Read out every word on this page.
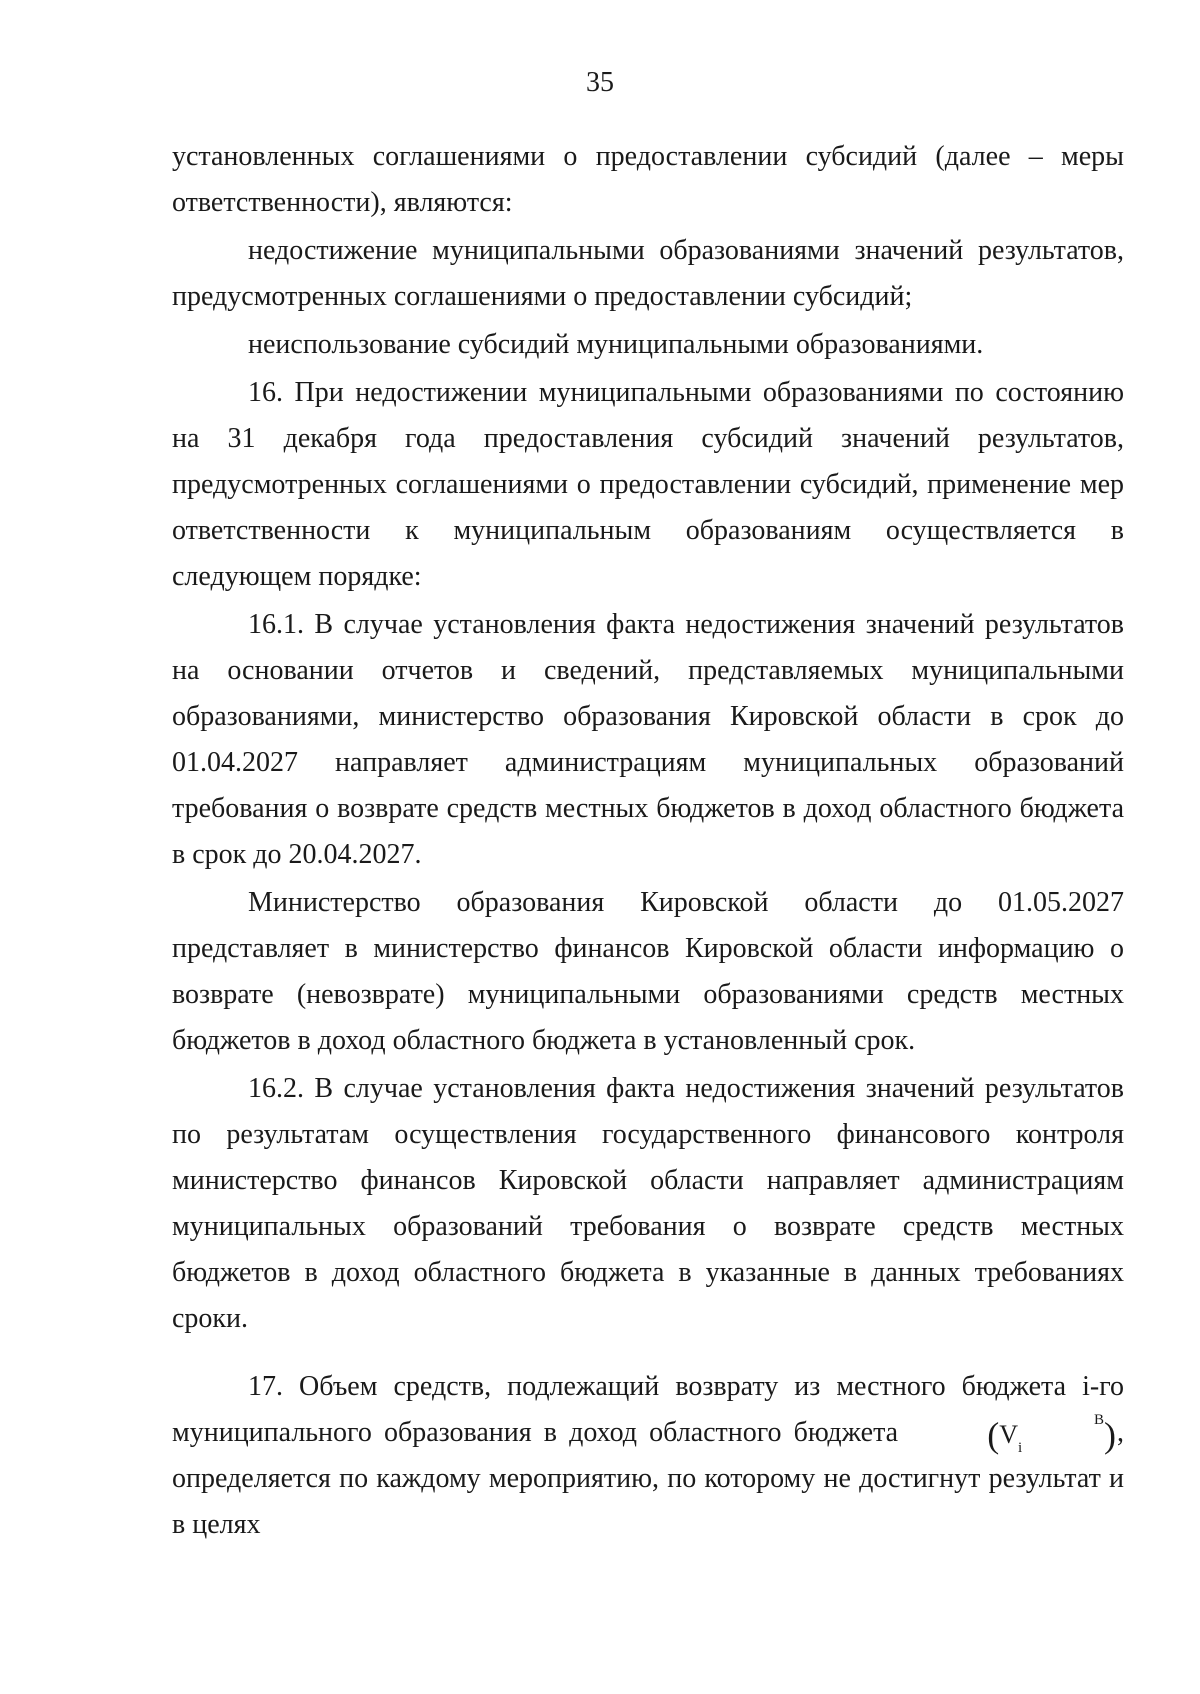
35

установленных соглашениями о предоставлении субсидий (далее – меры ответственности), являются:

недостижение муниципальными образованиями значений результатов, предусмотренных соглашениями о предоставлении субсидий;

неиспользование субсидий муниципальными образованиями.

16. При недостижении муниципальными образованиями по состоянию на 31 декабря года предоставления субсидий значений результатов, предусмотренных соглашениями о предоставлении субсидий, применение мер ответственности к муниципальным образованиям осуществляется в следующем порядке:

16.1. В случае установления факта недостижения значений результатов на основании отчетов и сведений, представляемых муниципальными образованиями, министерство образования Кировской области в срок до 01.04.2027 направляет администрациям муниципальных образований требования о возврате средств местных бюджетов в доход областного бюджета в срок до 20.04.2027.

Министерство образования Кировской области до 01.05.2027 представляет в министерство финансов Кировской области информацию о возврате (невозврате) муниципальными образованиями средств местных бюджетов в доход областного бюджета в установленный срок.

16.2. В случае установления факта недостижения значений результатов по результатам осуществления государственного финансового контроля министерство финансов Кировской области направляет администрациям муниципальных образований требования о возврате средств местных бюджетов в доход областного бюджета в указанные в данных требованиях сроки.

17. Объем средств, подлежащий возврату из местного бюджета i-го муниципального образования в доход областного бюджета (V	$^В$
$_i$ ), определяется по каждому мероприятию, по которому не достигнут результат и в целях
